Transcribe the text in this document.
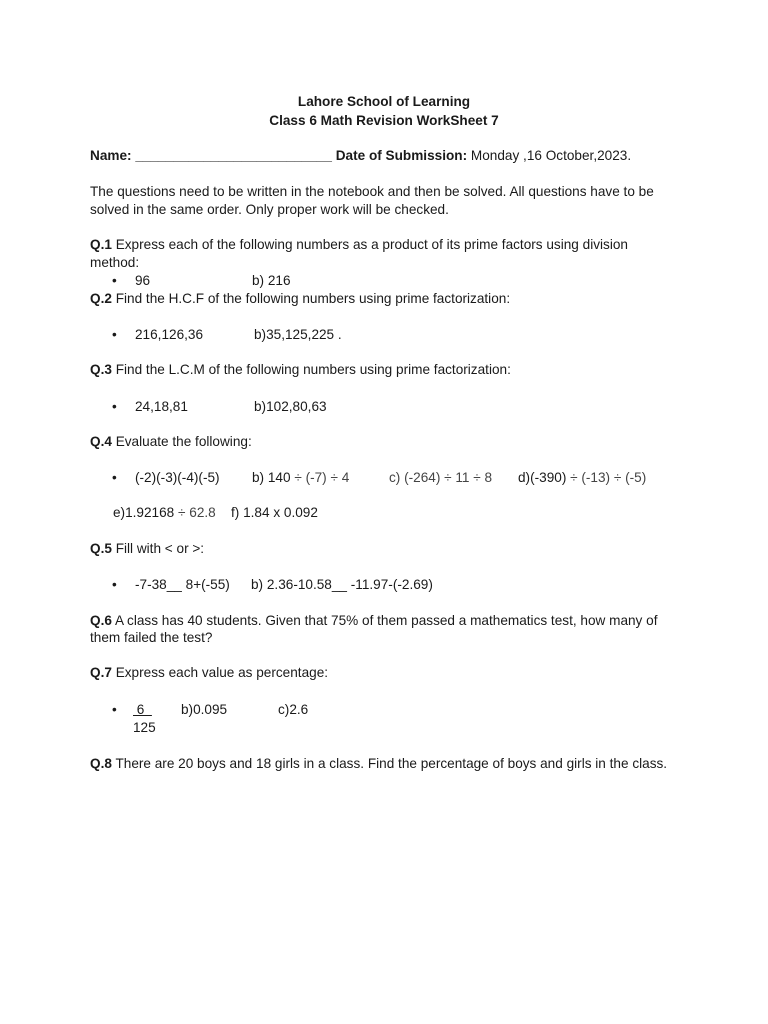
Lahore School of Learning
Class 6 Math Revision WorkSheet 7
Name: __________________________ Date of Submission: Monday ,16 October,2023.
The questions need to be written in the notebook and then be solved. All questions have to be
solved in the same order. Only proper work will be checked.
Q.1 Express each of the following numbers as a product of its prime factors using division
method:
• 96	b) 216
Q.2 Find the H.C.F of the following numbers using prime factorization:
• 216,126,36	b)35,125,225 .
Q.3 Find the L.C.M of the following numbers using prime factorization:
• 24,18,81	b)102,80,63
Q.4 Evaluate the following:
• (-2)(-3)(-4)(-5) b) 140 ÷ (-7) ÷ 4	c) (-264) ÷ 11 ÷ 8 d)(-390) ÷ (-13) ÷ (-5)
e)1.92168 ÷ 62.8 f) 1.84 x 0.092
Q.5 Fill with < or >:
• -7-38__ 8+(-55) b) 2.36-10.58__ -11.97-(-2.69)
Q.6 A class has 40 students. Given that 75% of them passed a mathematics test, how many of
them failed the test?
Q.7 Express each value as percentage:
• 6
125
b)0.095	c)2.6
Q.8 There are 20 boys and 18 girls in a class. Find the percentage of boys and girls in the class.
